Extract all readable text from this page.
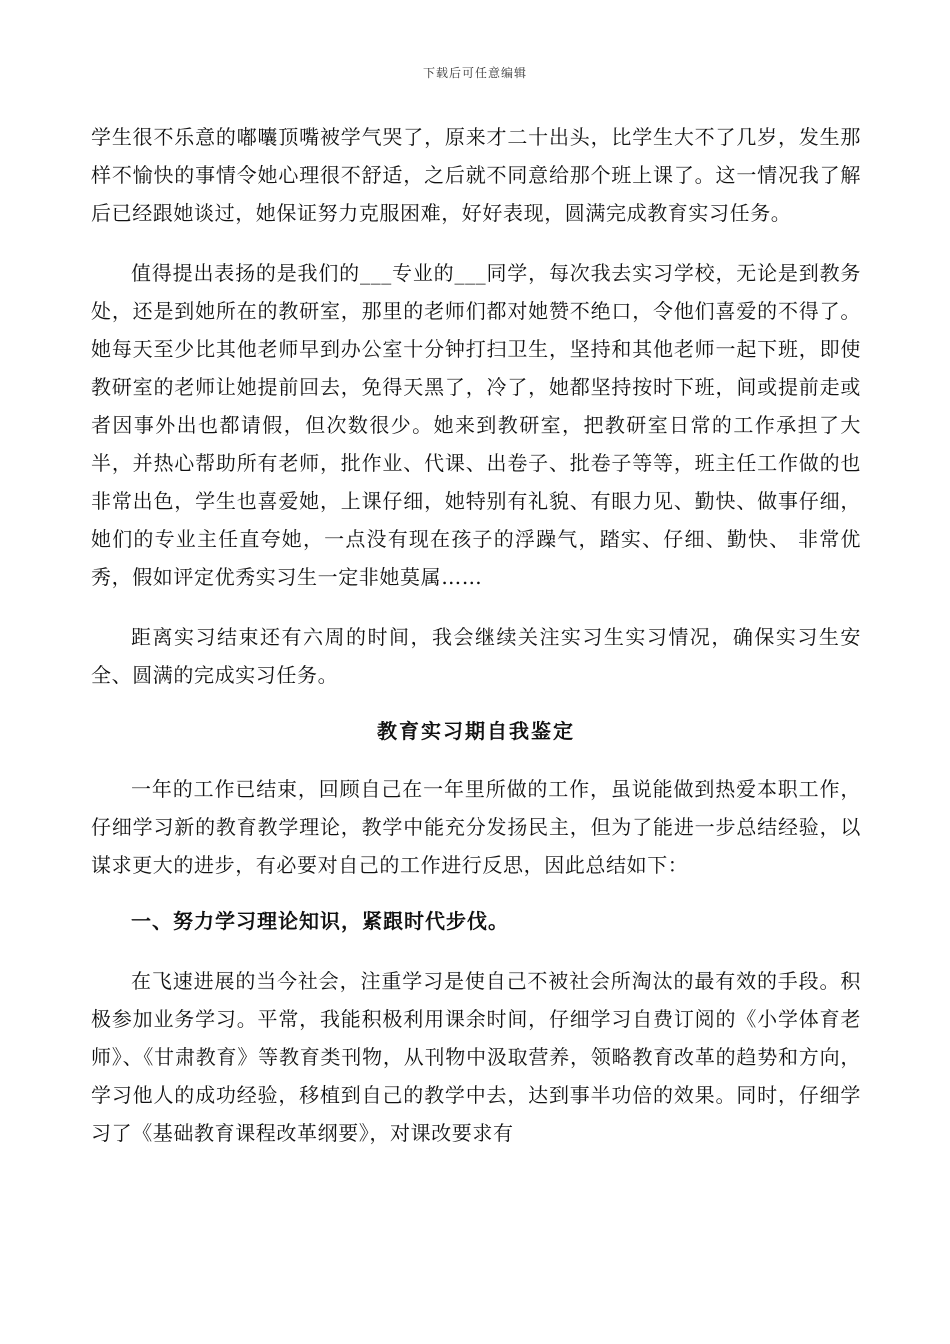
下载后可任意编辑

学生很不乐意的嘟囔顶嘴被学气哭了，原来才二十出头，比学生大不了几岁，发生那样不愉快的事情令她心理很不舒适，之后就不同意给那个班上课了。这一情况我了解后已经跟她谈过，她保证努力克服困难，好好表现，圆满完成教育实习任务。

值得提出表扬的是我们的___专业的___同学，每次我去实习学校，无论是到教务处，还是到她所在的教研室，那里的老师们都对她赞不绝口，令他们喜爱的不得了。她每天至少比其他老师早到办公室十分钟打扫卫生，坚持和其他老师一起下班，即使教研室的老师让她提前回去，免得天黑了，冷了，她都坚持按时下班，间或提前走或者因事外出也都请假，但次数很少。她来到教研室，把教研室日常的工作承担了大半，并热心帮助所有老师，批作业、代课、出卷子、批卷子等等，班主任工作做的也非常出色，学生也喜爱她，上课仔细，她特别有礼貌、有眼力见、勤快、做事仔细，她们的专业主任直夸她，一点没有现在孩子的浮躁气，踏实、仔细、勤快、 非常优秀，假如评定优秀实习生一定非她莫属……

距离实习结束还有六周的时间，我会继续关注实习生实习情况，确保实习生安全、圆满的完成实习任务。

教育实习期自我鉴定

一年的工作已结束，回顾自己在一年里所做的工作，虽说能做到热爱本职工作，仔细学习新的教育教学理论，教学中能充分发扬民主，但为了能进一步总结经验，以谋求更大的进步，有必要对自己的工作进行反思，因此总结如下：

一、努力学习理论知识，紧跟时代步伐。

在飞速进展的当今社会，注重学习是使自己不被社会所淘汰的最有效的手段。积极参加业务学习。平常，我能积极利用课余时间，仔细学习自费订阅的《小学体育老师》、《甘肃教育》等教育类刊物，从刊物中汲取营养，领略教育改革的趋势和方向，学习他人的成功经验，移植到自己的教学中去，达到事半功倍的效果。同时，仔细学习了《基础教育课程改革纲要》，对课改要求有
